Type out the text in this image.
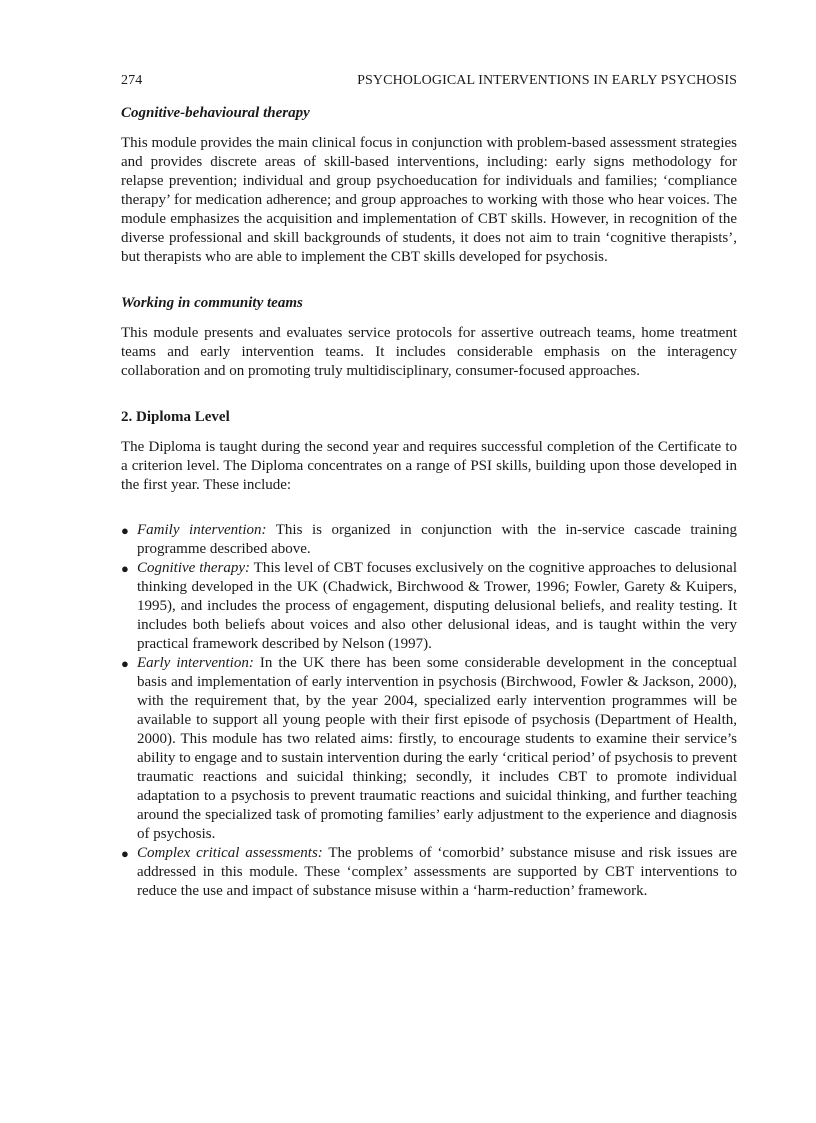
274	PSYCHOLOGICAL INTERVENTIONS IN EARLY PSYCHOSIS
Cognitive-behavioural therapy

This module provides the main clinical focus in conjunction with problem-based assessment strategies and provides discrete areas of skill-based interventions, including: early signs methodology for relapse prevention; individual and group psychoeducation for individuals and families; ‘compliance therapy’ for medication adherence; and group approaches to working with those who hear voices. The module emphasizes the acquisition and implementation of CBT skills. However, in recognition of the diverse professional and skill backgrounds of students, it does not aim to train ‘cognitive therapists’, but therapists who are able to implement the CBT skills developed for psychosis.

Working in community teams

This module presents and evaluates service protocols for assertive outreach teams, home treatment teams and early intervention teams. It includes considerable emphasis on the interagency collaboration and on promoting truly multidisciplinary, consumer-focused approaches.

2. Diploma Level

The Diploma is taught during the second year and requires successful completion of the Certificate to a criterion level. The Diploma concentrates on a range of PSI skills, building upon those developed in the first year. These include:

● Family intervention: This is organized in conjunction with the in-service cascade training programme described above.
● Cognitive therapy: This level of CBT focuses exclusively on the cognitive approaches to delusional thinking developed in the UK (Chadwick, Birchwood & Trower, 1996; Fowler, Garety & Kuipers, 1995), and includes the process of engagement, disputing delusional beliefs, and reality testing. It includes both beliefs about voices and also other delusional ideas, and is taught within the very practical framework described by Nelson (1997).
● Early intervention: In the UK there has been some considerable development in the conceptual basis and implementation of early intervention in psychosis (Birchwood, Fowler & Jackson, 2000), with the requirement that, by the year 2004, specialized early intervention programmes will be available to support all young people with their first episode of psychosis (Department of Health, 2000). This module has two related aims: firstly, to encourage students to examine their service’s ability to engage and to sustain intervention during the early ‘critical period’ of psychosis to prevent traumatic reactions and suicidal thinking; secondly, it includes CBT to promote individual adaptation to a psychosis to prevent traumatic reactions and suicidal thinking, and further teaching around the specialized task of promoting families’ early adjustment to the experience and diagnosis of psychosis.
● Complex critical assessments: The problems of ‘comorbid’ substance misuse and risk issues are addressed in this module. These ‘complex’ assessments are supported by CBT interventions to reduce the use and impact of substance misuse within a ‘harm-reduction’ framework.
